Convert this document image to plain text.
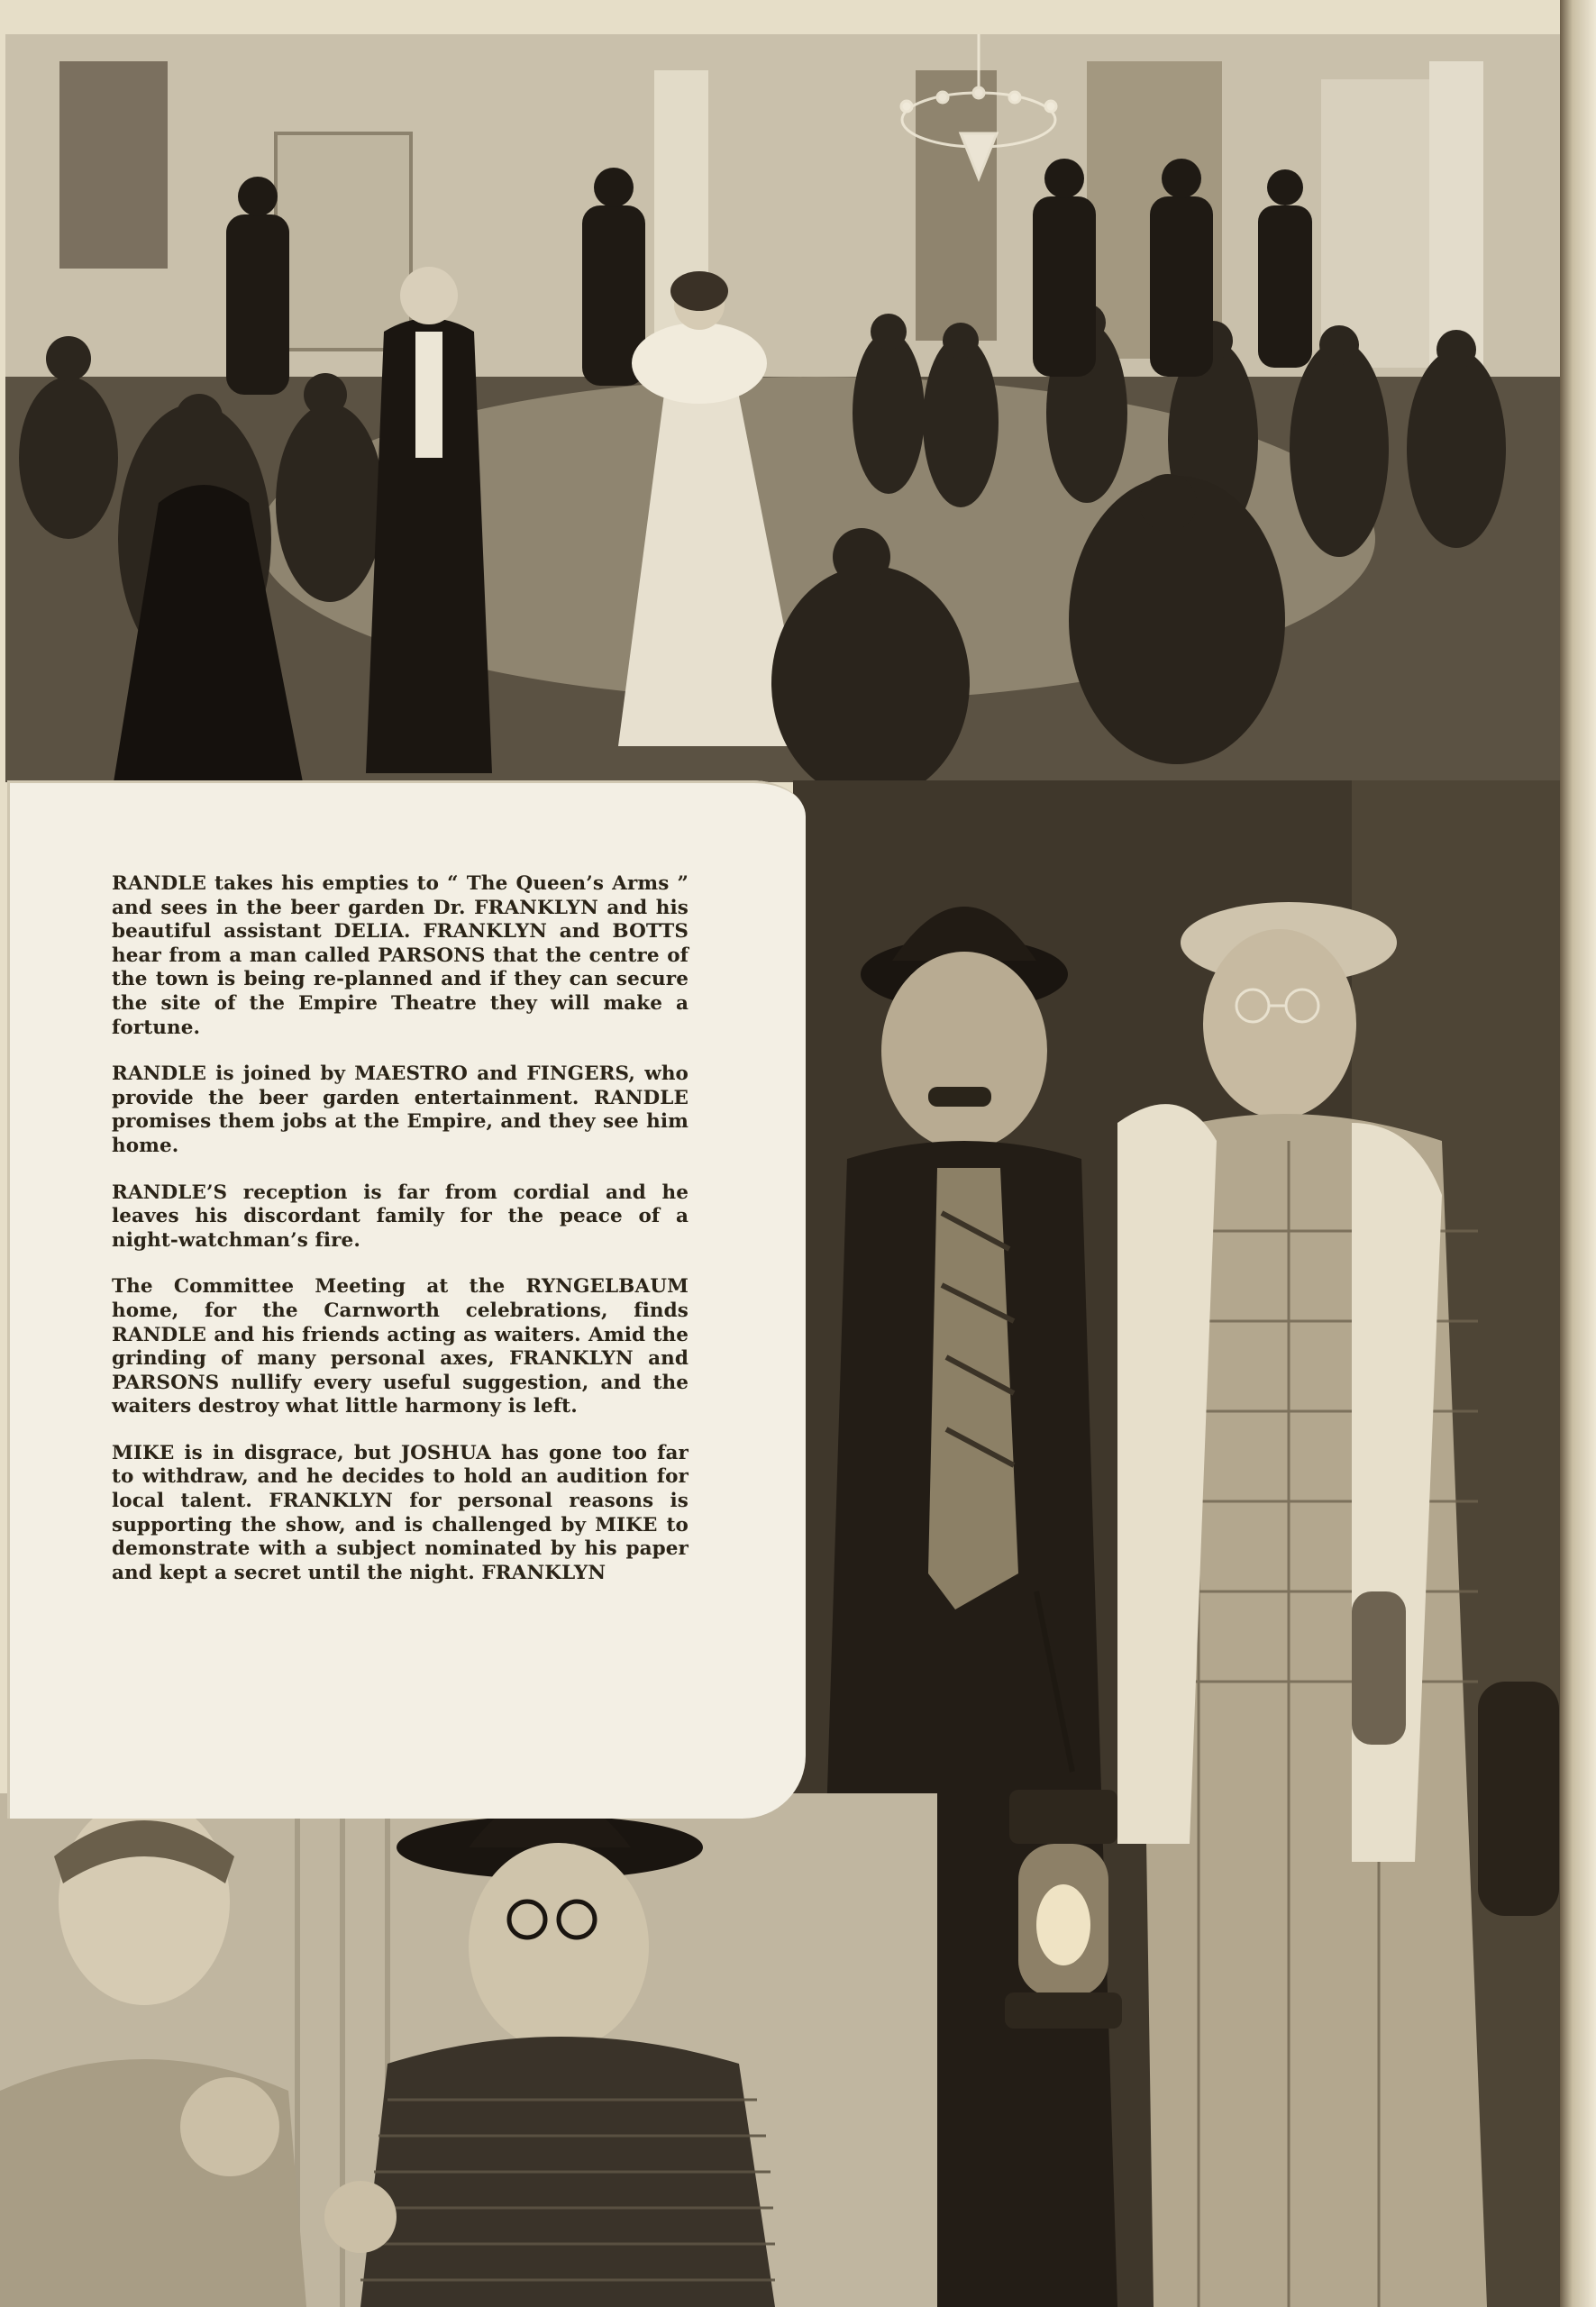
RANDLE takes his empties to “ The Queen’s Arms ” and sees in the beer garden Dr. FRANKLYN and his beautiful assistant DELIA. FRANKLYN and BOTTS hear from a man called PARSONS that the centre of the town is being re-planned and if they can secure the site of the Empire Theatre they will make a fortune.

RANDLE is joined by MAESTRO and FINGERS, who provide the beer garden entertainment. RANDLE promises them jobs at the Empire, and they see him home.

RANDLE’S reception is far from cordial and he leaves his discordant family for the peace of a night-watchman’s fire.

The Committee Meeting at the RYNGELBAUM home, for the Carnworth celebrations, finds RANDLE and his friends acting as waiters. Amid the grinding of many personal axes, FRANKLYN and PARSONS nullify every useful suggestion, and the waiters destroy what little harmony is left.

MIKE is in disgrace, but JOSHUA has gone too far to withdraw, and he decides to hold an audition for local talent. FRANKLYN for personal reasons is supporting the show, and is challenged by MIKE to demonstrate with a subject nominated by his paper and kept a secret until the night. FRANKLYN
